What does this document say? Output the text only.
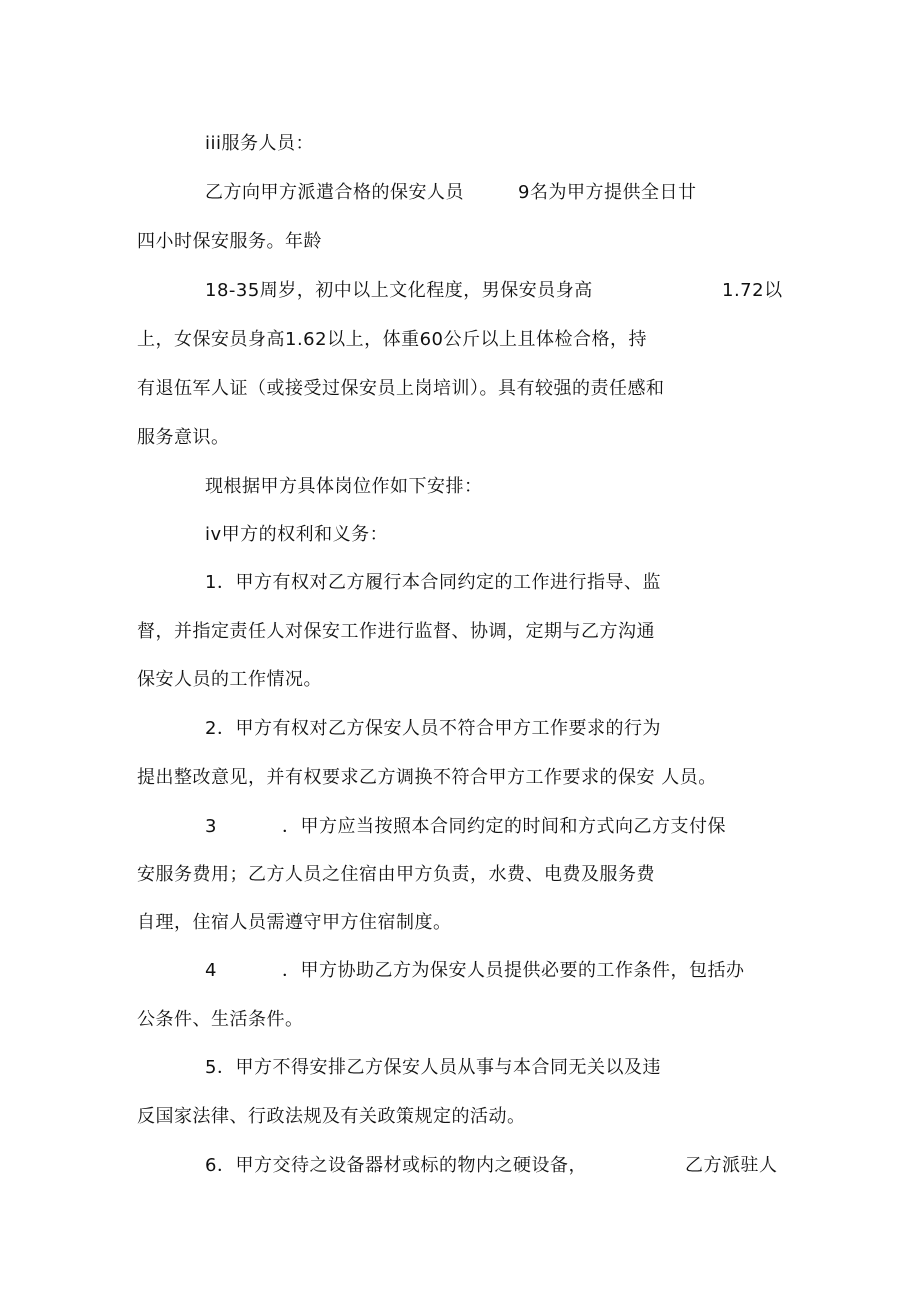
iii服务人员：
乙方向甲方派遣合格的保安人员	9名为甲方提供全日廿
四小时保安服务。年龄
18-35周岁，初中以上文化程度，男保安员身高	1.72以
上，女保安员身高1.62以上，体重60公斤以上且体检合格，持
有退伍军人证（或接受过保安员上岗培训）。具有较强的责任感和
服务意识。
现根据甲方具体岗位作如下安排：
iv甲方的权利和义务：
1．甲方有权对乙方履行本合同约定的工作进行指导、监
督，并指定责任人对保安工作进行监督、协调，定期与乙方沟通
保安人员的工作情况。
2．甲方有权对乙方保安人员不符合甲方工作要求的行为
提出整改意见，并有权要求乙方调换不符合甲方工作要求的保安 人员。
3	．甲方应当按照本合同约定的时间和方式向乙方支付保
安服务费用；乙方人员之住宿由甲方负责，水费、电费及服务费
自理，住宿人员需遵守甲方住宿制度。
4	．甲方协助乙方为保安人员提供必要的工作条件，包括办
公条件、生活条件。
5．甲方不得安排乙方保安人员从事与本合同无关以及违
反国家法律、行政法规及有关政策规定的活动。
6．甲方交待之设备器材或标的物内之硬设备，	乙方派驻人
